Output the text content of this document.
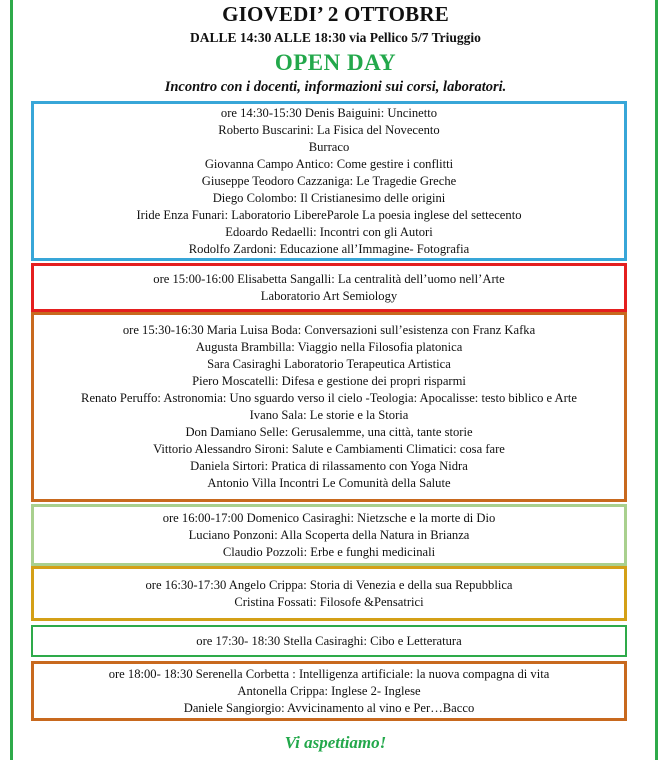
GIOVEDI’ 2 OTTOBRE
DALLE 14:30 ALLE 18:30 via Pellico 5/7 Triuggio
OPEN DAY
Incontro con i docenti, informazioni sui corsi, laboratori.
ore 14:30-15:30 Denis Baiguini: Uncinetto
Roberto Buscarini: La Fisica del Novecento
Burraco
Giovanna Campo Antico: Come gestire i conflitti
Giuseppe Teodoro Cazzaniga: Le Tragedie Greche
Diego Colombo: Il Cristianesimo delle origini
Iride Enza Funari: Laboratorio LibereParole La poesia inglese del settecento
Edoardo Redaelli: Incontri con gli Autori
Rodolfo Zardoni: Educazione all’Immagine- Fotografia
ore 15:00-16:00 Elisabetta Sangalli: La centralità dell’uomo nell’Arte
Laboratorio Art Semiology
ore 15:30-16:30 Maria Luisa Boda: Conversazioni sull’esistenza con Franz Kafka
Augusta Brambilla: Viaggio nella Filosofia platonica
Sara Casiraghi Laboratorio Terapeutica Artistica
Piero Moscatelli: Difesa e gestione dei propri risparmi
Renato Peruffo: Astronomia: Uno sguardo verso il cielo -Teologia: Apocalisse: testo biblico e Arte
Ivano Sala: Le storie e la Storia
Don Damiano Selle: Gerusalemme, una città, tante storie
Vittorio Alessandro Sironi: Salute e Cambiamenti Climatici: cosa fare
Daniela Sirtori: Pratica di rilassamento con Yoga Nidra
Antonio Villa Incontri Le Comunità della Salute
ore 16:00-17:00 Domenico Casiraghi: Nietzsche e la morte di Dio
Luciano Ponzoni: Alla Scoperta della Natura in Brianza
Claudio Pozzoli: Erbe e funghi medicinali
ore 16:30-17:30 Angelo Crippa: Storia di Venezia e della sua Repubblica
Cristina Fossati: Filosofe &Pensatrici
ore 17:30- 18:30 Stella Casiraghi: Cibo e Letteratura
ore 18:00- 18:30 Serenella Corbetta : Intelligenza artificiale: la nuova compagna di vita
Antonella Crippa: Inglese 2- Inglese
Daniele Sangiorgio: Avvicinamento al vino e Per…Bacco
Vi aspettiamo!
